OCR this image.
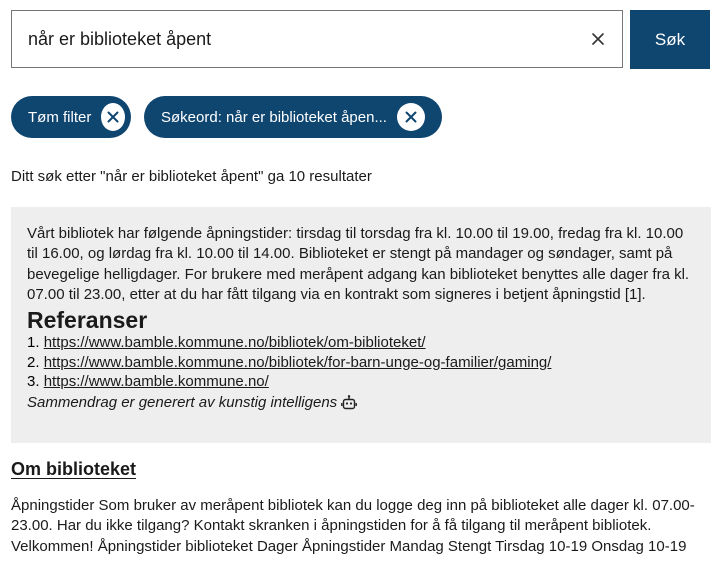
når er biblioteket åpent
Søk
Tøm filter	Søkeord: når er biblioteket åpen...
Ditt søk etter "når er biblioteket åpent" ga 10 resultater

Vårt bibliotek har følgende åpningstider: tirsdag til torsdag fra kl. 10.00 til 19.00, fredag fra kl. 10.00 til 16.00, og lørdag fra kl. 10.00 til 14.00. Biblioteket er stengt på mandager og søndager, samt på bevegelige helligdager. For brukere med meråpent adgang kan biblioteket benyttes alle dager fra kl. 07.00 til 23.00, etter at du har fått tilgang via en kontrakt som signeres i betjent åpningstid [1].

Referanser
1. https://www.bamble.kommune.no/bibliotek/om-biblioteket/
2. https://www.bamble.kommune.no/bibliotek/for-barn-unge-og-familier/gaming/
3. https://www.bamble.kommune.no/
Sammendrag er generert av kunstig intelligens
Om biblioteket

Åpningstider Som bruker av meråpent bibliotek kan du logge deg inn på biblioteket alle dager kl. 07.00-23.00. Har du ikke tilgang? Kontakt skranken i åpningstiden for å få tilgang til meråpent bibliotek. Velkommen! Åpningstider biblioteket Dager Åpningstider Mandag Stengt Tirsdag 10-19 Onsdag 10-19
